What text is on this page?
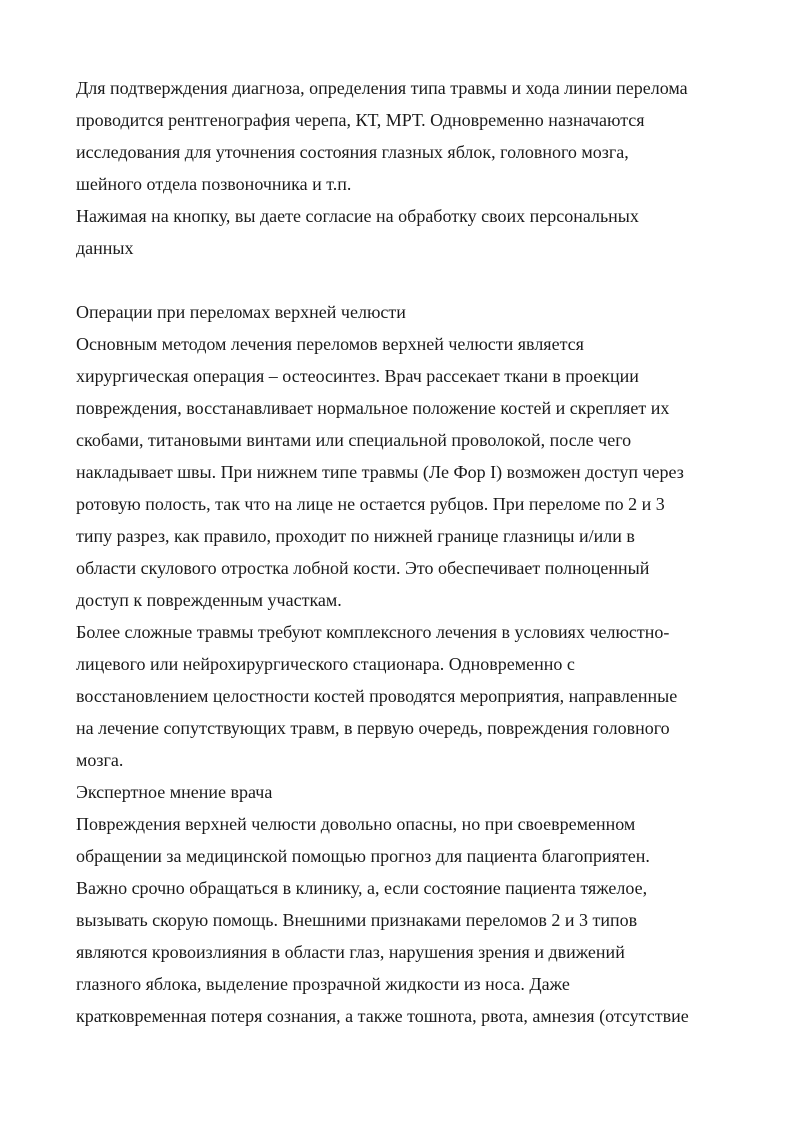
Для подтверждения диагноза, определения типа травмы и хода линии перелома
проводится рентгенография черепа, КТ, МРТ. Одновременно назначаются
исследования для уточнения состояния глазных яблок, головного мозга,
шейного отдела позвоночника и т.п.

Нажимая на кнопку, вы даете согласие на обработку своих персональных
данных

Операции при переломах верхней челюсти

Основным методом лечения переломов верхней челюсти является
хирургическая операция – остеосинтез. Врач рассекает ткани в проекции
повреждения, восстанавливает нормальное положение костей и скрепляет их
скобами, титановыми винтами или специальной проволокой, после чего
накладывает швы. При нижнем типе травмы (Ле Фор I) возможен доступ через
ротовую полость, так что на лице не остается рубцов. При переломе по 2 и 3
типу разрез, как правило, проходит по нижней границе глазницы и/или в
области скулового отростка лобной кости. Это обеспечивает полноценный
доступ к поврежденным участкам.

Более сложные травмы требуют комплексного лечения в условиях челюстно-
лицевого или нейрохирургического стационара. Одновременно с
восстановлением целостности костей проводятся мероприятия, направленные
на лечение сопутствующих травм, в первую очередь, повреждения головного
мозга.

Экспертное мнение врача

Повреждения верхней челюсти довольно опасны, но при своевременном
обращении за медицинской помощью прогноз для пациента благоприятен.
Важно срочно обращаться в клинику, а, если состояние пациента тяжелое,
вызывать скорую помощь. Внешними признаками переломов 2 и 3 типов
являются кровоизлияния в области глаз, нарушения зрения и движений
глазного яблока, выделение прозрачной жидкости из носа. Даже
кратковременная потеря сознания, а также тошнота, рвота, амнезия (отсутствие
